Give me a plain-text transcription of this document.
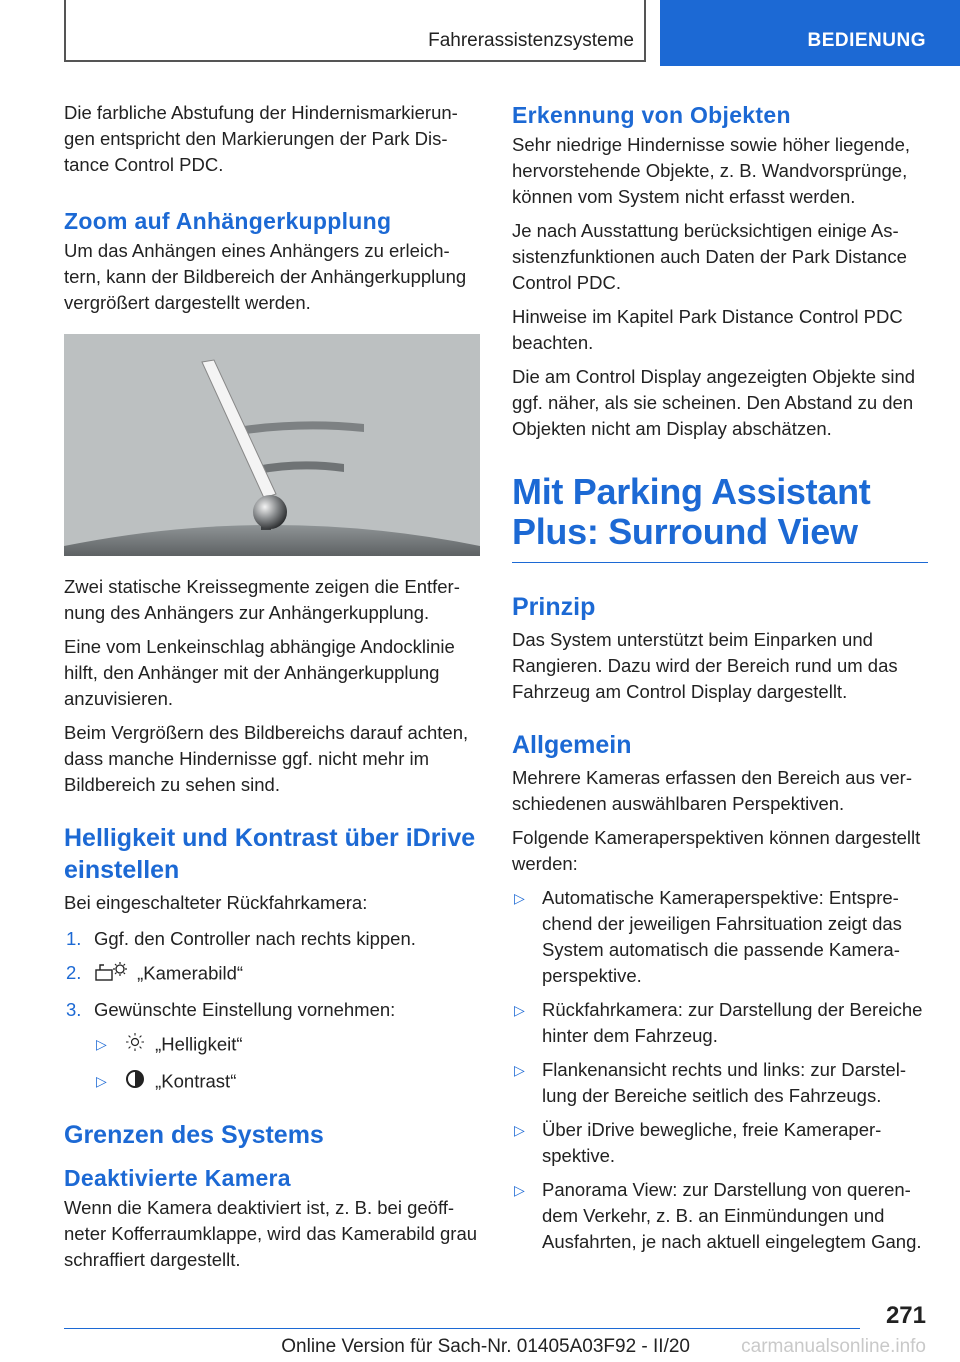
Fahrerassistenzsysteme	BEDIENUNG

Die farbliche Abstufung der Hindernismarkierungen entspricht den Markierungen der Park Distance Control PDC.

Zoom auf Anhängerkupplung

Um das Anhängen eines Anhängers zu erleichtern, kann der Bildbereich der Anhängerkupplung vergrößert dargestellt werden.

Zwei statische Kreissegmente zeigen die Entfernung des Anhängers zur Anhängerkupplung.

Eine vom Lenkeinschlag abhängige Andocklinie hilft, den Anhänger mit der Anhängerkupplung anzuvisieren.

Beim Vergrößern des Bildbereichs darauf achten, dass manche Hindernisse ggf. nicht mehr im Bildbereich zu sehen sind.

Helligkeit und Kontrast über iDrive einstellen

Bei eingeschalteter Rückfahrkamera:

1. Ggf. den Controller nach rechts kippen.
2.	„Kamerabild“
3. Gewünschte Einstellung vornehmen:
▷	„Helligkeit“
▷	„Kontrast“
Grenzen des Systems
Deaktivierte Kamera

Wenn die Kamera deaktiviert ist, z. B. bei geöffneter Kofferraumklappe, wird das Kamerabild grau schraffiert dargestellt.

Erkennung von Objekten

Sehr niedrige Hindernisse sowie höher liegende, hervorstehende Objekte, z. B. Wandvorsprünge, können vom System nicht erfasst werden.

Je nach Ausstattung berücksichtigen einige Assistenzfunktionen auch Daten der Park Distance Control PDC.

Hinweise im Kapitel Park Distance Control PDC beachten.

Die am Control Display angezeigten Objekte sind ggf. näher, als sie scheinen. Den Abstand zu den Objekten nicht am Display abschätzen.

Mit Parking Assistant Plus: Surround View
Prinzip

Das System unterstützt beim Einparken und Rangieren. Dazu wird der Bereich rund um das Fahrzeug am Control Display dargestellt.

Allgemein

Mehrere Kameras erfassen den Bereich aus verschiedenen auswählbaren Perspektiven.

Folgende Kameraperspektiven können dargestellt werden:

▷ Automatische Kameraperspektive: Entsprechend der jeweiligen Fahrsituation zeigt das System automatisch die passende Kameraperspektive.
▷ Rückfahrkamera: zur Darstellung der Bereiche hinter dem Fahrzeug.
▷ Flankenansicht rechts und links: zur Darstellung der Bereiche seitlich des Fahrzeugs.
▷ Über iDrive bewegliche, freie Kameraperspektive.
▷ Panorama View: zur Darstellung von querendem Verkehr, z. B. an Einmündungen und Ausfahrten, je nach aktuell eingelegtem Gang.
271
Online Version für Sach-Nr. 01405A03F92 - II/20	carmanualsonline.info
